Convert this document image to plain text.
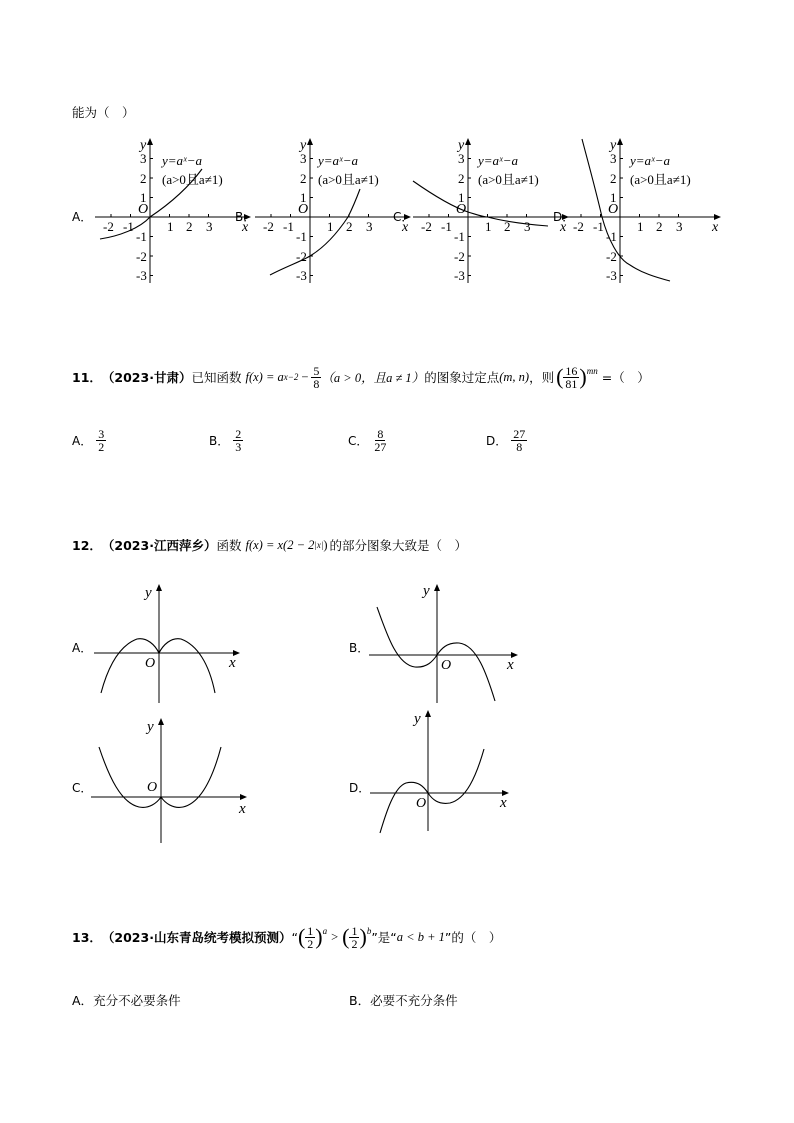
能为（　）
-2 -1	1 2 3
3
2
1
-1
-2
-3
O
x
y
y=aˣ−a
(a>0且a≠1)
-2 -1	1 2 3
3
2
1
-1
-2
-3
O
x
y
y=aˣ−a
(a>0且a≠1)
-2 -1	1 2 3
3
2
1
-1
-2
-3
O
x
y
y=aˣ−a
(a>0且a≠1)
-2 -1	1 2 3
3
2
1
-1
-2
-3
O
x
y
y=aˣ−a
(a>0且a≠1)
A．	B．	C．	D．
11． （2023·甘肃） 已知函数 f(x) = a $x-2 - \frac{5}{8} (a > 0$，且a ≠ 1） 的图象过定点 (m, n) ，则 ( $\frac{16}{81} )^{mn}$ =（　）
A． $\frac{3}{2}$	B． $\frac{2}{3}$	C． $\frac{8}{27}$	D． $\frac{27}{8}$
12． （2023·江西萍乡） 函数 f(x) = x(2 − 2 |x| ) 的部分图象大致是（　）
O	x
y
O	x
y
O
x
y
O	x
y
A．	B．
C．	D．
13． （2023·山东青岛统考模拟预测） “ ( $\frac{1}{2} )^a$ > ( $\frac{1}{2} )^b$ ”是“ a < b + 1 ”的（　）
A．充分不必要条件	B．必要不充分条件
